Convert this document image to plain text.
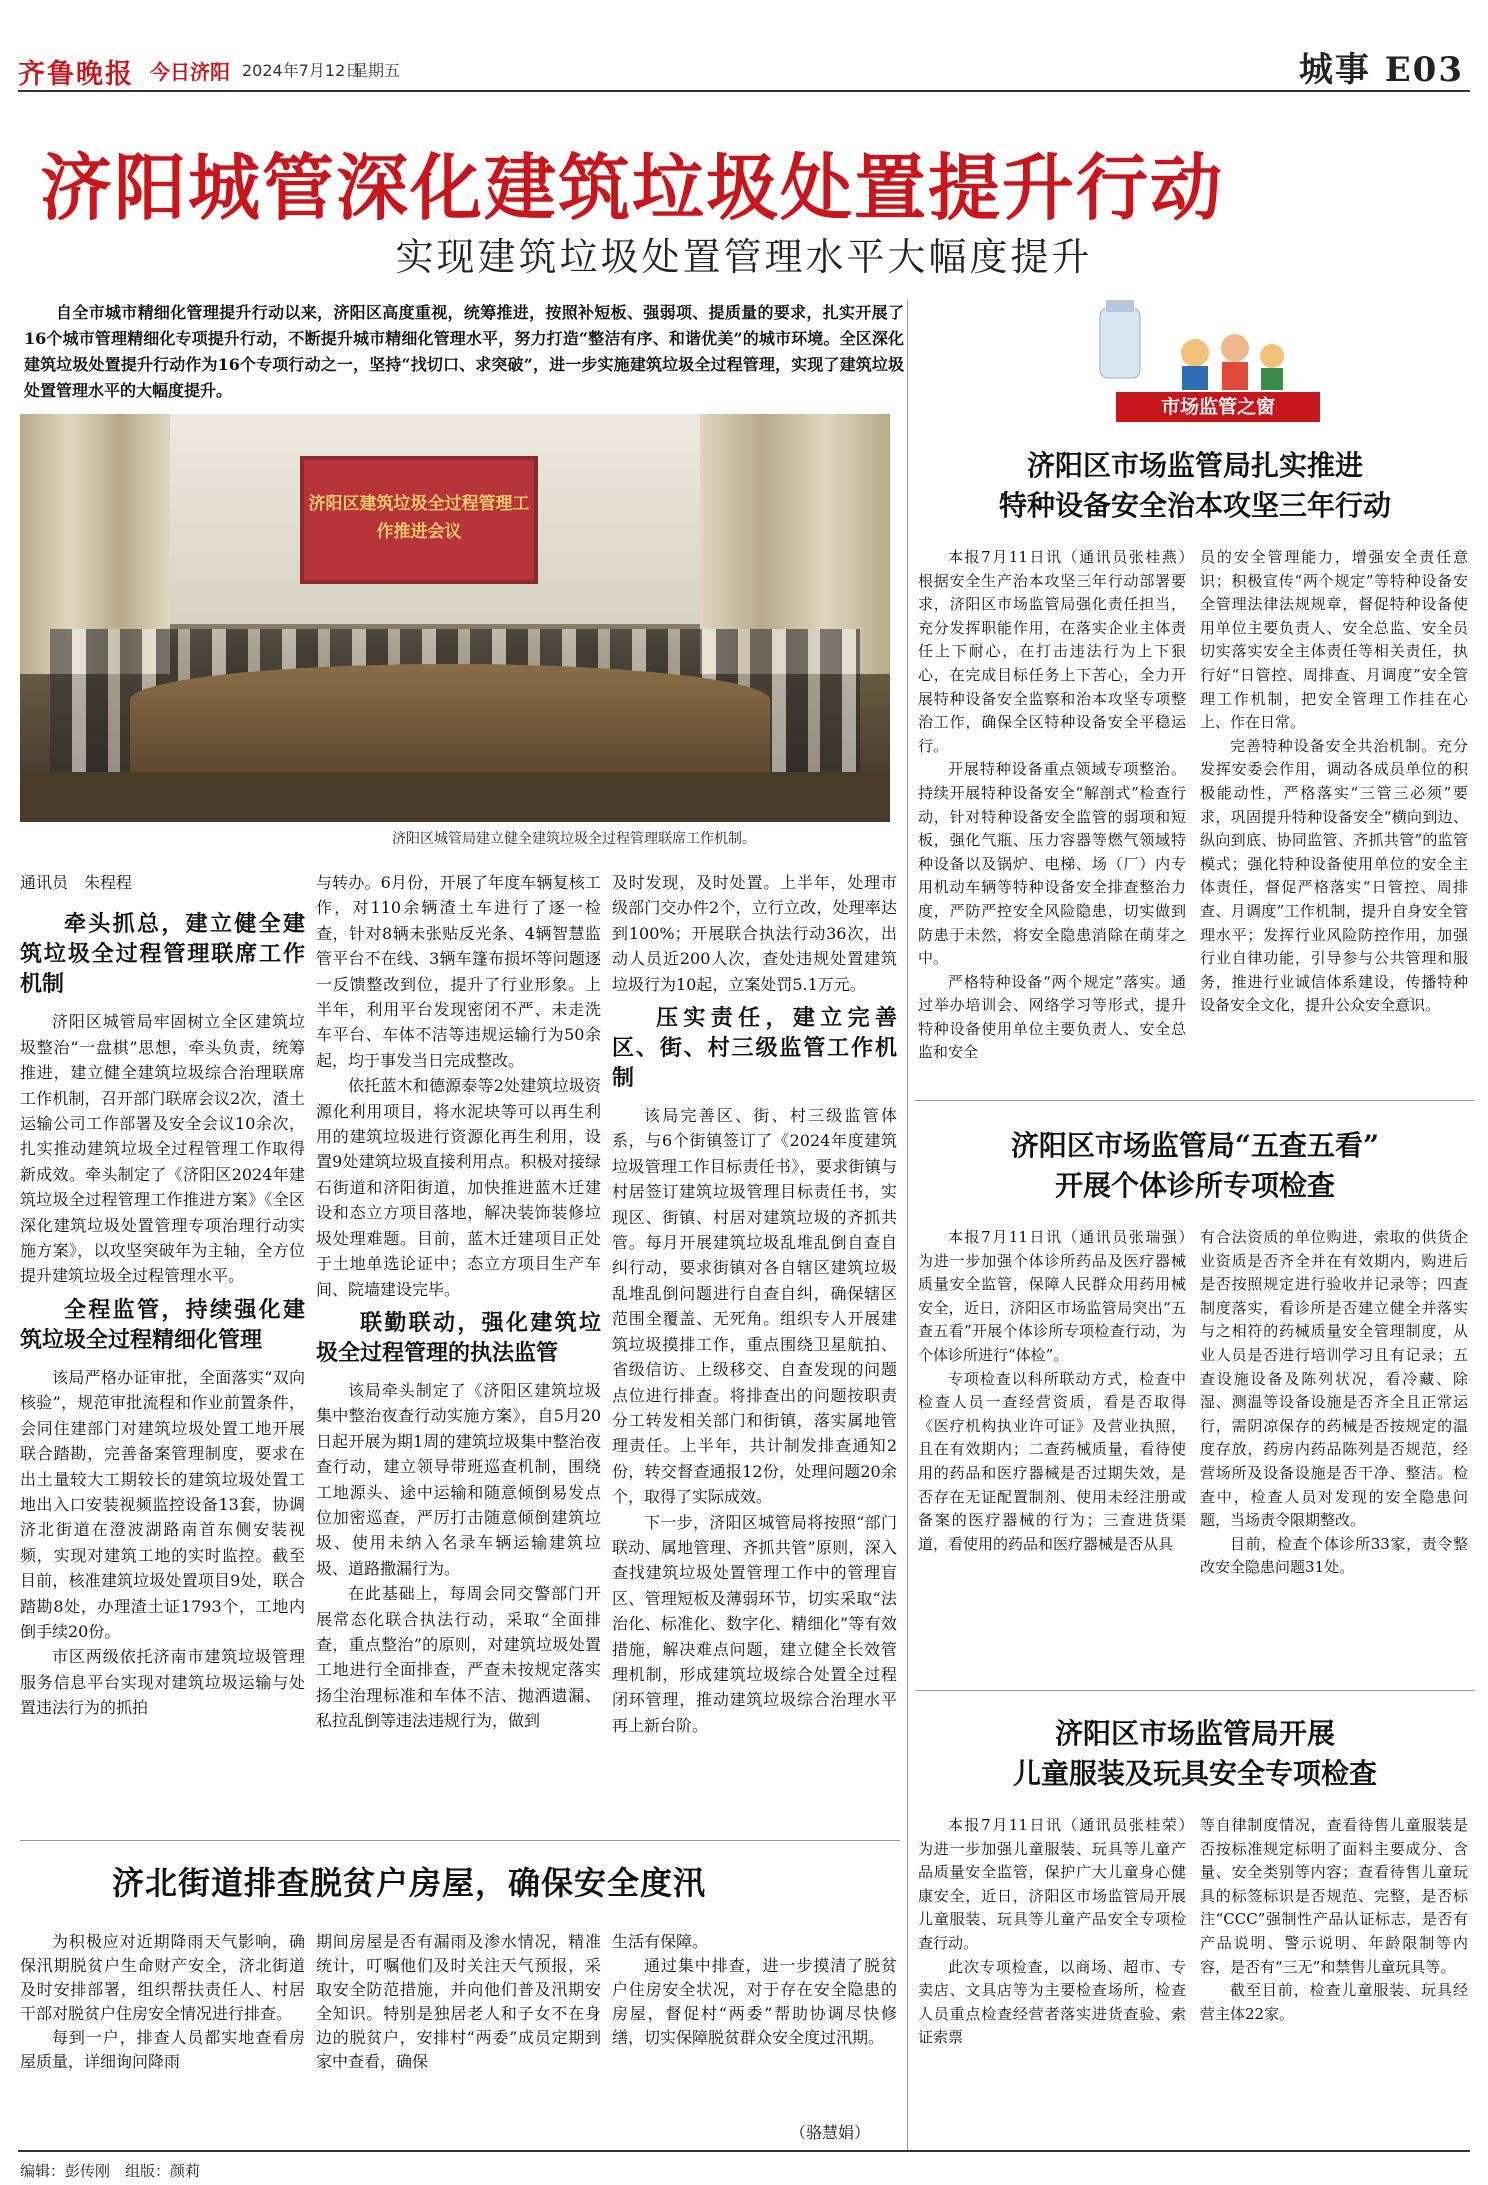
齐鲁晚报 今日济阳 2024年7月12日
星期五	城事 E03
济阳城管深化建筑垃圾处置提升行动
实现建筑垃圾处置管理水平大幅度提升
自全市城市精细化管理提升行动以来，济阳区高度重视，统筹推进，按照补短板、强弱项、提质量的要求，扎实开展了16个城市管理精细化专项提升行动，不断提升城市精细化管理水平，努力打造“整洁有序、和谐优美”的城市环境。全区深化建筑垃圾处置提升行动作为16个专项行动之一，坚持“找切口、求突破”，进一步实施建筑垃圾全过程管理，实现了建筑垃圾处置管理水平的大幅度提升。
济阳区建筑垃圾全过程管理工作推进会议
济阳区城管局建立健全建筑垃圾全过程管理联席工作机制。
通讯员　朱程程
牵头抓总，建立健全建筑垃圾全过程管理联席工作机制

济阳区城管局牢固树立全区建筑垃圾整治“一盘棋”思想，牵头负责，统筹推进，建立健全建筑垃圾综合治理联席工作机制，召开部门联席会议2次，渣土运输公司工作部署及安全会议10余次，扎实推动建筑垃圾全过程管理工作取得新成效。牵头制定了《济阳区2024年建筑垃圾全过程管理工作推进方案》《全区深化建筑垃圾处置管理专项治理行动实施方案》，以攻坚突破年为主轴，全方位提升建筑垃圾全过程管理水平。

全程监管，持续强化建筑垃圾全过程精细化管理

该局严格办证审批，全面落实“双向核验”，规范审批流程和作业前置条件，会同住建部门对建筑垃圾处置工地开展联合踏勘，完善备案管理制度，要求在出土量较大工期较长的建筑垃圾处置工地出入口安装视频监控设备13套，协调济北街道在澄波湖路南首东侧安装视频，实现对建筑工地的实时监控。截至目前，核准建筑垃圾处置项目9处，联合踏勘8处，办理渣土证1793个，工地内倒手续20份。

市区两级依托济南市建筑垃圾管理服务信息平台实现对建筑垃圾运输与处置违法行为的抓拍

与转办。6月份，开展了年度车辆复核工作，对110余辆渣土车进行了逐一检查，针对8辆未张贴反光条、4辆智慧监管平台不在线、3辆车篷布损坏等问题逐一反馈整改到位，提升了行业形象。上半年，利用平台发现密闭不严、未走洗车平台、车体不洁等违规运输行为50余起，均于事发当日完成整改。

依托蓝木和德源泰等2处建筑垃圾资源化利用项目，将水泥块等可以再生利用的建筑垃圾进行资源化再生利用，设置9处建筑垃圾直接利用点。积极对接绿石街道和济阳街道，加快推进蓝木迁建设和态立方项目落地，解决装饰装修垃圾处理难题。目前，蓝木迁建项目正处于土地单选论证中；态立方项目生产车间、院墙建设完毕。

联勤联动，强化建筑垃圾全过程管理的执法监管

该局牵头制定了《济阳区建筑垃圾集中整治夜查行动实施方案》，自5月20日起开展为期1周的建筑垃圾集中整治夜查行动，建立领导带班巡查机制，围绕工地源头、途中运输和随意倾倒易发点位加密巡查，严厉打击随意倾倒建筑垃圾、使用未纳入名录车辆运输建筑垃圾、道路撒漏行为。

在此基础上，每周会同交警部门开展常态化联合执法行动，采取“全面排查，重点整治”的原则，对建筑垃圾处置工地进行全面排查，严查未按规定落实扬尘治理标准和车体不洁、抛洒遗漏、私拉乱倒等违法违规行为，做到

及时发现，及时处置。上半年，处理市级部门交办件2个，立行立改，处理率达到100%；开展联合执法行动36次，出动人员近200人次，查处违规处置建筑垃圾行为10起，立案处罚5.1万元。

压实责任，建立完善区、街、村三级监管工作机制

该局完善区、街、村三级监管体系，与6个街镇签订了《2024年度建筑垃圾管理工作目标责任书》，要求街镇与村居签订建筑垃圾管理目标责任书，实现区、街镇、村居对建筑垃圾的齐抓共管。每月开展建筑垃圾乱堆乱倒自查自纠行动，要求街镇对各自辖区建筑垃圾乱堆乱倒问题进行自查自纠，确保辖区范围全覆盖、无死角。组织专人开展建筑垃圾摸排工作，重点围绕卫星航拍、省级信访、上级移交、自查发现的问题点位进行排查。将排查出的问题按职责分工转发相关部门和街镇，落实属地管理责任。上半年，共计制发排查通知2份，转交督查通报12份，处理问题20余个，取得了实际成效。

下一步，济阳区城管局将按照“部门联动、属地管理、齐抓共管”原则，深入查找建筑垃圾处置管理工作中的管理盲区、管理短板及薄弱环节，切实采取“法治化、标准化、数字化、精细化”等有效措施，解决难点问题，建立健全长效管理机制，形成建筑垃圾综合处置全过程闭环管理，推动建筑垃圾综合治理水平再上新台阶。

济北街道排查脱贫户房屋，确保安全度汛

为积极应对近期降雨天气影响，确保汛期脱贫户生命财产安全，济北街道及时安排部署，组织帮扶责任人、村居干部对脱贫户住房安全情况进行排查。

每到一户，排查人员都实地查看房屋质量，详细询问降雨

期间房屋是否有漏雨及渗水情况，精准统计，叮嘱他们及时关注天气预报，采取安全防范措施，并向他们普及汛期安全知识。特别是独居老人和子女不在身边的脱贫户，安排村“两委”成员定期到家中查看，确保

生活有保障。

通过集中排查，进一步摸清了脱贫户住房安全状况，对于存在安全隐患的房屋，督促村“两委”帮助协调尽快修缮，切实保障脱贫群众安全度过汛期。

（骆慧娟）
市场监管之窗
济阳区市场监管局扎实推进
特种设备安全治本攻坚三年行动

本报7月11日讯（通讯员张桂燕）　根据安全生产治本攻坚三年行动部署要求，济阳区市场监管局强化责任担当，充分发挥职能作用，在落实企业主体责任上下耐心，在打击违法行为上下狠心，在完成目标任务上下苦心，全力开展特种设备安全监察和治本攻坚专项整治工作，确保全区特种设备安全平稳运行。

开展特种设备重点领域专项整治。持续开展特种设备安全“解剖式”检查行动，针对特种设备安全监管的弱项和短板，强化气瓶、压力容器等燃气领域特种设备以及锅炉、电梯、场（厂）内专用机动车辆等特种设备安全排查整治力度，严防严控安全风险隐患，切实做到防患于未然，将安全隐患消除在萌芽之中。

严格特种设备“两个规定”落实。通过举办培训会、网络学习等形式，提升特种设备使用单位主要负责人、安全总监和安全

员的安全管理能力，增强安全责任意识；积极宣传“两个规定”等特种设备安全管理法律法规规章，督促特种设备使用单位主要负责人、安全总监、安全员切实落实安全主体责任等相关责任，执行好“日管控、周排查、月调度”安全管理工作机制，把安全管理工作挂在心上、作在日常。

完善特种设备安全共治机制。充分发挥安委会作用，调动各成员单位的积极能动性，严格落实“三管三必须”要求，巩固提升特种设备安全“横向到边、纵向到底、协同监管、齐抓共管”的监管模式；强化特种设备使用单位的安全主体责任，督促严格落实“日管控、周排查、月调度”工作机制，提升自身安全管理水平；发挥行业风险防控作用，加强行业自律功能，引导参与公共管理和服务，推进行业诚信体系建设，传播特种设备安全文化，提升公众安全意识。

济阳区市场监管局“五查五看”
开展个体诊所专项检查

本报7月11日讯（通讯员张瑞强）　为进一步加强个体诊所药品及医疗器械质量安全监管，保障人民群众用药用械安全，近日，济阳区市场监管局突出“五查五看”开展个体诊所专项检查行动，为个体诊所进行“体检”。

专项检查以科所联动方式，检查中检查人员一查经营资质，看是否取得《医疗机构执业许可证》及营业执照，且在有效期内；二查药械质量，看待使用的药品和医疗器械是否过期失效，是否存在无证配置制剂、使用未经注册或备案的医疗器械的行为；三查进货渠道，看使用的药品和医疗器械是否从具

有合法资质的单位购进，索取的供货企业资质是否齐全并在有效期内，购进后是否按照规定进行验收并记录等；四查制度落实，看诊所是否建立健全并落实与之相符的药械质量安全管理制度，从业人员是否进行培训学习且有记录；五查设施设备及陈列状况，看冷藏、除湿、测温等设备设施是否齐全且正常运行，需阴凉保存的药械是否按规定的温度存放，药房内药品陈列是否规范，经营场所及设备设施是否干净、整洁。检查中，检查人员对发现的安全隐患问题，当场责令限期整改。

目前，检查个体诊所33家，责令整改安全隐患问题31处。

济阳区市场监管局开展
儿童服装及玩具安全专项检查

本报7月11日讯（通讯员张桂荣）　为进一步加强儿童服装、玩具等儿童产品质量安全监管，保护广大儿童身心健康安全，近日，济阳区市场监管局开展儿童服装、玩具等儿童产品安全专项检查行动。

此次专项检查，以商场、超市、专卖店、文具店等为主要检查场所，检查人员重点检查经营者落实进货查验、索证索票

等自律制度情况，查看待售儿童服装是否按标准规定标明了面料主要成分、含量、安全类别等内容；查看待售儿童玩具的标签标识是否规范、完整，是否标注“CCC”强制性产品认证标志，是否有产品说明、警示说明、年龄限制等内容，是否有“三无”和禁售儿童玩具等。

截至目前，检查儿童服装、玩具经营主体22家。

编辑：彭传刚　组版：颜莉
